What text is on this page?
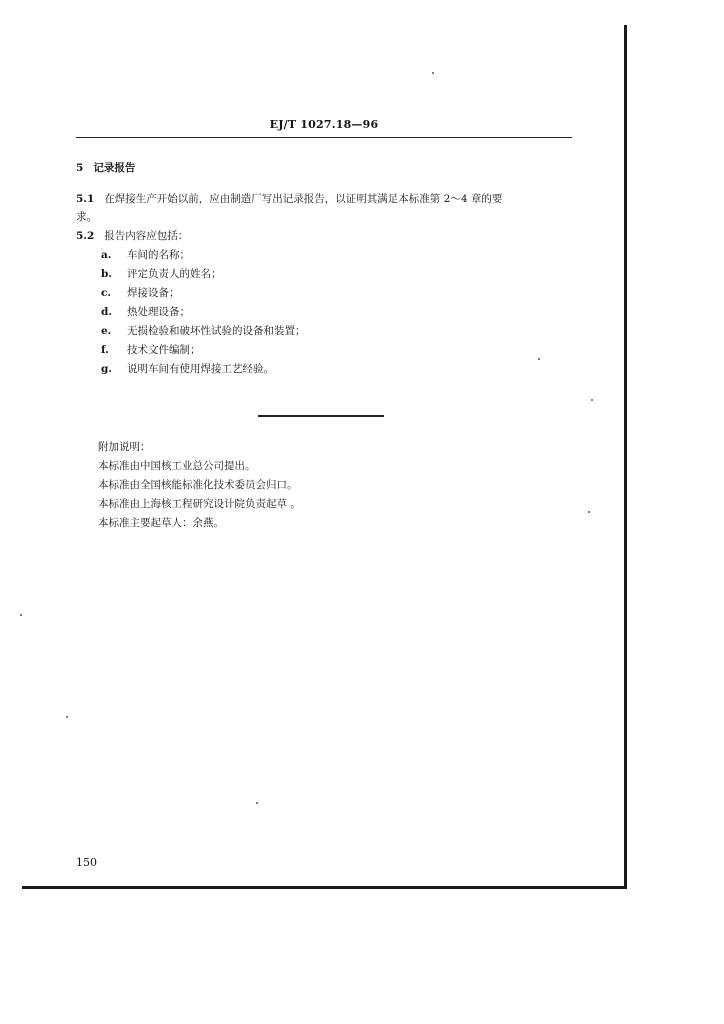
EJ/T 1027.18—96
5 记录报告
5.1 在焊接生产开始以前，应由制造厂写出记录报告，以证明其满足本标准第 2～4 章的要
求。
5.2 报告内容应包括：
a. 车间的名称；
b. 评定负责人的姓名；
c. 焊接设备；
d. 热处理设备；
e. 无损检验和破坏性试验的设备和装置；
f. 技术文件编制；
g. 说明车间有使用焊接工艺经验。
附加说明：
本标准由中国核工业总公司提出。
本标准由全国核能标准化技术委员会归口。
本标准由上海核工程研究设计院负责起草 。
本标准主要起草人：余燕。
150
